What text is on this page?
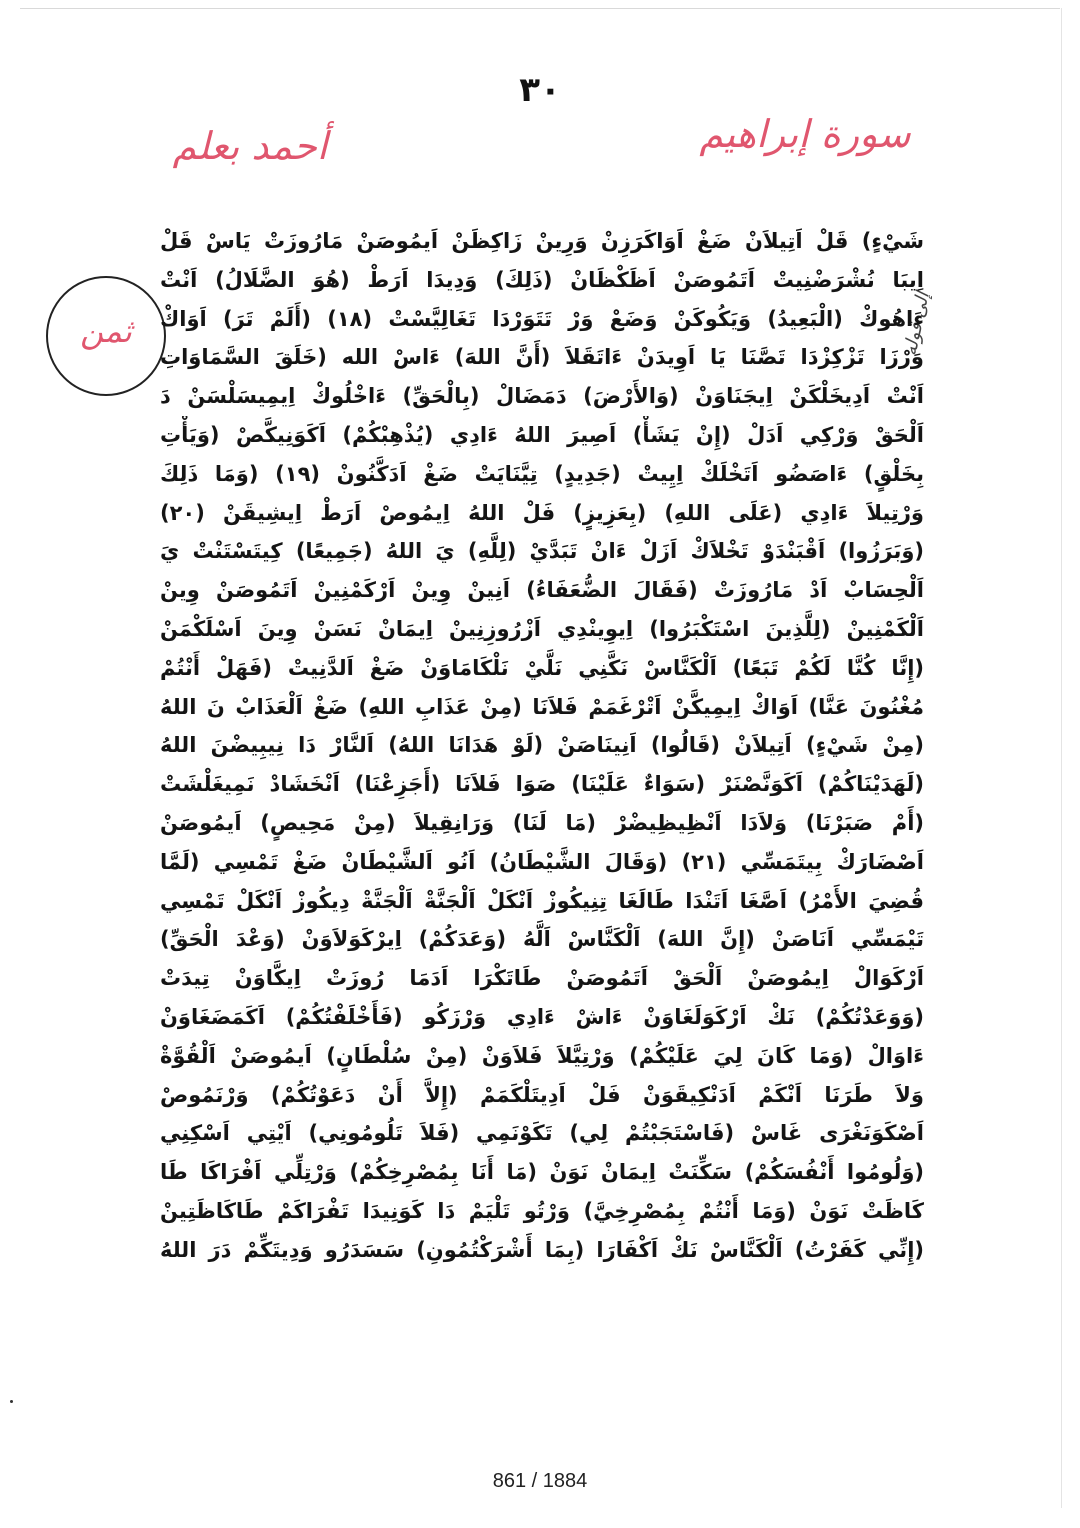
٣٠
سورة إبراهيم
أحمد بعلم
ثمن	إلى قوله
شَيْءٍ) قَلْ اَتِيلاَنْ ضَغْ اَوَاكَرَزِنْ وَرِينْ زَاكِظَنْ اَيمُوصَنْ مَارُوزَتْ يَاسْ قَلْ
اِيبَا نُشْرَضْنِيتْ اَتَمُوصَنْ اَظَكْظَانْ (ذَلِكَ) وَدِيدَا اَرَطْ (هُوَ الضَّلَالُ) اَنْتْ
ءَاهُوكْ (الْبَعِيدُ) وَيَكُوكَنْ وَضَعْ وَرْ تَتَوَرْدَا تَغَالِيَّسْتْ (١٨) (أَلَمْ تَرَ) اَوَاكْ
وَرْزَا تَزْكِزْدَا تَصَّنَا يَا اَوِيدَنْ ءَاتَقَلاَ (أَنَّ اللهَ) ءَاسْ الله (خَلَقَ السَّمَاوَاتِ
اَنْتْ اَدِيخَلْكَنْ اِيجَنَاوَنْ (وَالأَرْضَ) دَمَضَالْ (بِالْحَقِّ) ءَاخْلُوكْ اِيمِيسَلْسَنْ دَ
اَلْحَقْ وَرْكِي اَدَلْ (إِنْ يَشَأْ) اَصِيرَ اللهُ ءَادِي (يُذْهِبْكُمْ) اَكَوَنِيكَّصْ (وَيَأْتِ
بِخَلْقٍ) ءَاصَضُو اَتَخْلَكْ اِيِيتْ (جَدِيدٍ) تِيَّنَايَتْ ضَغْ اَدَكَّنُونْ (١٩) (وَمَا ذَلِكَ
وَرْتِيلاَ ءَادِي (عَلَى اللهِ) (بِعَزِيزٍ) فَلْ اللهُ اِيمُوصْ اَرَطْ اِيشِيقَنْ (٢٠)
(وَبَرَزُوا) اَقْبَنْدَوْ تَخْلاَكْ اَزَلْ ءَانْ تَبَدَّيْ (لِلَّهِ) يَ اللهُ (جَمِيعًا) كِيتَسْتَنْتْ يَ
اَلْحِسَابْ اَدْ مَارُوزَتْ (فَقَالَ الضُّعَفَاءُ) اَنِينْ وِينْ اَرْكَمْنِينْ اَتَمُوصَنْ وِينْ
اَلْكَمْنِينْ (لِلَّذِينَ اسْتَكْبَرُوا) اِيوِينْدِي اَزْرُوزِنِينْ اِيمَانْ نَسَنْ وِينَ اَسْلَكْمَنْ
(إِنَّا كُنَّا لَكُمْ تَبَعًا) اَلْكَنَّاسْ نَكَّنِي نَلَّيْ نَلْكَامَاوَنْ ضَغْ اَلدَّنِيتْ (فَهَلْ أَنْتُمْ
مُغْنُونَ عَنَّا) اَوَاكْ اِيمِيكَّنْ اَتْرْغَمَمْ فَلاَنَا (مِنْ عَذَابِ اللهِ) ضَغْ اَلْعَذَابْ نَ اللهُ
(مِنْ شَيْءٍ) اَتِيلاَنْ (قَالُوا) اَنِينَاصَنْ (لَوْ هَدَانَا اللهُ) اَلنَّارْ دَا نِيبِيضْنَ اللهُ
(لَهَدَيْنَاكُمْ) اَكَوَنَّصْنَرْ (سَوَاءٌ عَلَيْنَا) صَوَا فَلاَنَا (أَجَزِعْنَا) اَنْخَشَادْ نَمِيغَلْشَتْ
(أَمْ صَبَرْنَا) وَلاَدَا اَنْظِيظِيضْرْ (مَا لَنَا) وَرَانِقِيلاَ (مِنْ مَحِيصٍ) اَيمُوصَنْ
اَصْضَارَكْ بِيتَمَسِّي (٢١) (وَقَالَ الشَّيْطَانُ) اَنُو اَلشَّيْطَانْ ضَغْ تَمْسِي (لَمَّا
قُضِيَ الأَمْرُ) اَصَّغَا اَتَنْدَا طَالَغَا تِنِيكُوزْ اَنْكَلْ اَلْجَنَّةْ اَلْجَنَّةْ دِيكُوزْ اَنْكَلْ تَمْسِي
تَيْمَسِّي اَنَاصَنْ (إِنَّ اللهَ) اَلْكَنَّاسْ اَلَّهُ (وَعَدَكُمْ) اِيرْكَوَلاَوَنْ (وَعْدَ الْحَقِّ)
اَرْكَوَالْ اِيمُوصَنْ اَلْحَقْ اَتَمُوصَنْ طَاتَكْرَا اَدَمَا رُوزَتْ اِيكَّاوَنْ تِيدَتْ
(وَوَعَدْتُكُمْ) نَكْ اَرْكَوَلَغَاوَنْ ءَاشْ ءَادِي وَرْزَكُو (فَأَخْلَفْتُكُمْ) اَكَمَضَغَاوَنْ
ءَاوَالْ (وَمَا كَانَ لِيَ عَلَيْكُمْ) وَرْتِيَّلاَ فَلاَوَنْ (مِنْ سُلْطَانٍ) اَيمُوصَنْ اَلْقُوَّةْ
وَلاَ طَرَنَا اَنْكَمْ اَدَنْكِيقَوَنْ فَلْ اَدِيتَلْكَمَمْ (إِلاَّ أَنْ دَعَوْتُكُمْ) وَرْنَمُوصْ
اَصْكَوَنَغْرَى غَاسْ (فَاسْتَجَبْتُمْ لِي) تَكَوْنَمِي (فَلاَ تَلُومُونِي) اَيْتِي اَسْكِنِي
(وَلُومُوا أَنْفُسَكُمْ) سَكِّنَتْ اِيمَانْ نَوَنْ (مَا أَنَا بِمُصْرِخِكُمْ) وَرْتِلِّي اَفْرَاكَا طَا
كَاظَتْ نَوَنْ (وَمَا أَنْتُمْ بِمُصْرِخِيَّ) وَرْتُو تَلْيَمْ دَا كَوَنِيدَا تَفْرَاكَمْ طَاكَاظَتِينْ
(إِنِّي كَفَرْتُ) اَلْكَنَّاسْ نَكْ اَكْفَارَا (بِمَا أَشْرَكْتُمُونِ) سَسَدَرُو وَدِيتَكِّمْ دَرَ اللهُ
861 / 1884
